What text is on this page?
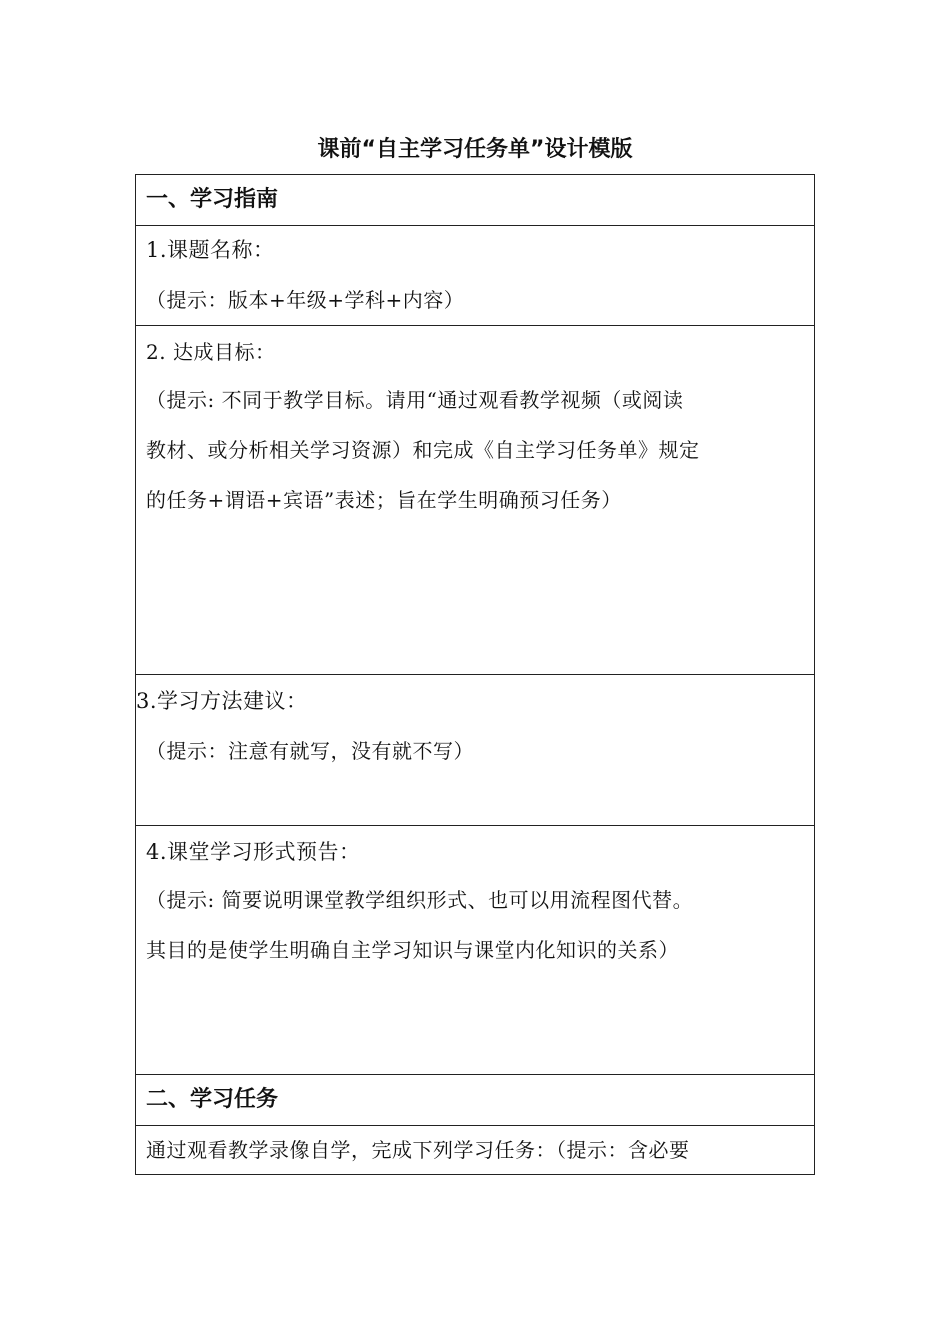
课前“自主学习任务单”设计模版
一、学习指南
1.课题名称：
（提示：版本+年级+学科+内容）
2. 达成目标：
（提示: 不同于教学目标。请用“通过观看教学视频（或阅读
教材、或分析相关学习资源）和完成《自主学习任务单》规定
的任务+谓语+宾语”表述；旨在学生明确预习任务）
3.学习方法建议：
（提示：注意有就写，没有就不写）
4.课堂学习形式预告：
（提示: 简要说明课堂教学组织形式、也可以用流程图代替。
其目的是使学生明确自主学习知识与课堂内化知识的关系）
二、学习任务
通过观看教学录像自学，完成下列学习任务：（提示：含必要
